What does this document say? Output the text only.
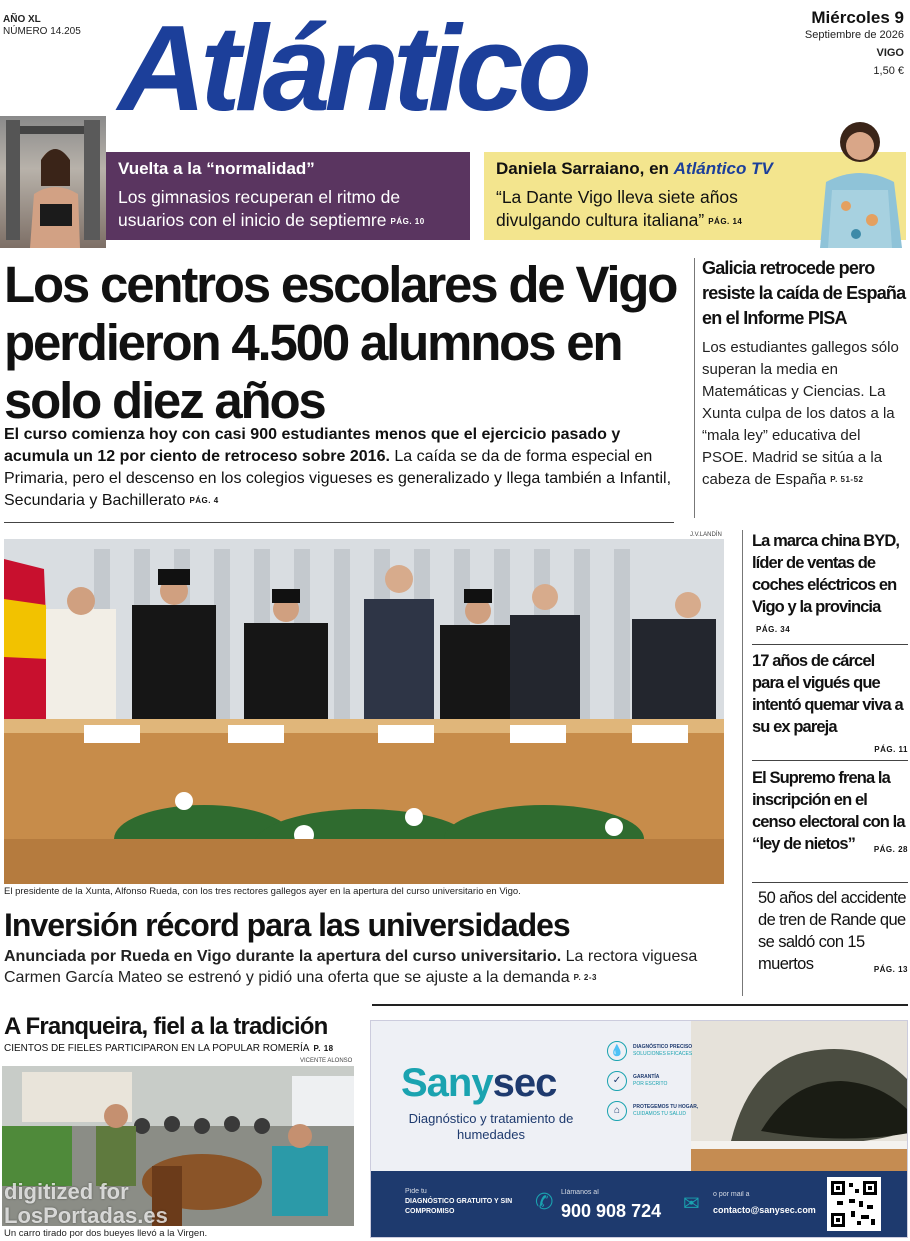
AÑO XL
NÚMERO 14.205 Atlántico	Miércoles 9
Septiembre de 2026
VIGO
1,50 €
Vuelta a la “normalidad”

Los gimnasios recuperan el ritmo de usuarios con el inicio de septiemre PÁG. 10

Daniela Sarraiano, en Atlántico TV

“La Dante Vigo lleva siete años divulgando cultura italiana” PÁG. 14

Los centros escolares de Vigo perdieron 4.500 alumnos en solo diez años
El curso comienza hoy con casi 900 estudiantes menos que el ejercicio pasado y acumula un 12 por ciento de retroceso sobre 2016. La caída se da de forma especial en Primaria, pero el descenso en los colegios vigueses es generalizado y llega también a Infantil, Secundaria y Bachillerato PÁG. 4
Galicia retrocede pero resiste la caída de España en el Informe PISA
Los estudiantes gallegos sólo superan la media en Matemáticas y Ciencias. La Xunta culpa de los datos a la “mala ley” educativa del PSOE. Madrid se sitúa a la cabeza de España P. 51-52
J.V.LANDÍN
El presidente de la Xunta, Alfonso Rueda, con los tres rectores gallegos ayer en la apertura del curso universitario en Vigo.
La marca china BYD, líder de ventas de coches eléctricos en Vigo y la provinciaPÁG. 34
17 años de cárcel para el vigués que intentó quemar viva a su ex pareja
PÁG. 11
El Supremo frena la inscripción en el censo electoral con la “ley de nietos” PÁG. 28
50 años del accidente de tren de Rande que se saldó con 15 muertos	PÁG. 13
Inversión récord para las universidades
Anunciada por Rueda en Vigo durante la apertura del curso universitario. La rectora viguesa Carmen García Mateo se estrenó y pidió una oferta que se ajuste a la demanda P. 2-3
A Franqueira, fiel a la tradición
CIENTOS DE FIELES PARTICIPARON EN LA POPULAR ROMERÍA P. 18
VICENTE ALONSO
Un carro tirado por dos bueyes llevó a la Virgen.
digitized for
LosPortadas.es
Sanysec
Diagnóstico y tratamiento de humedades
💧	DIAGNÓSTICO PRECISO
SOLUCIONES EFICACES
✓	GARANTÍA
POR ESCRITO
⌂	PROTEGEMOS TU HOGAR,
CUIDAMOS TU SALUD
Pide tu
DIAGNÓSTICO GRATUITO Y SIN COMPROMISO	✆ Llámanos al
900 908 724 ✉ o por mail a
contacto@sanysec.com
